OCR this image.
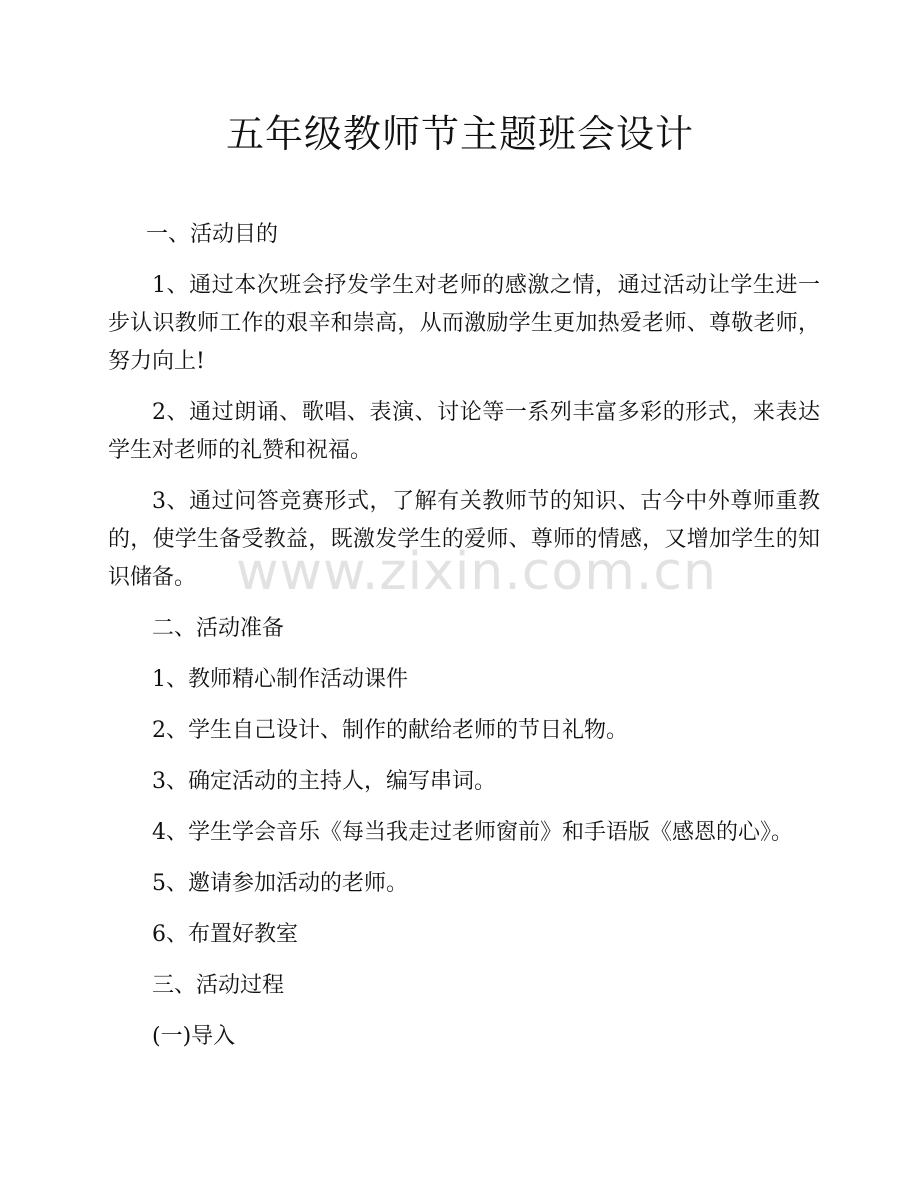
五年级教师节主题班会设计

一、活动目的

1、通过本次班会抒发学生对老师的感激之情，通过活动让学生进一步认识教师工作的艰辛和崇高，从而激励学生更加热爱老师、尊敬老师，努力向上!

2、通过朗诵、歌唱、表演、讨论等一系列丰富多彩的形式，来表达学生对老师的礼赞和祝福。

3、通过问答竞赛形式，了解有关教师节的知识、古今中外尊师重教的，使学生备受教益，既激发学生的爱师、尊师的情感，又增加学生的知识储备。

二、活动准备

1、教师精心制作活动课件

2、学生自己设计、制作的献给老师的节日礼物。

3、确定活动的主持人，编写串词。

4、学生学会音乐《每当我走过老师窗前》和手语版《感恩的心》。

5、邀请参加活动的老师。

6、布置好教室

三、活动过程

(一)导入

www.zixin.com.cn
